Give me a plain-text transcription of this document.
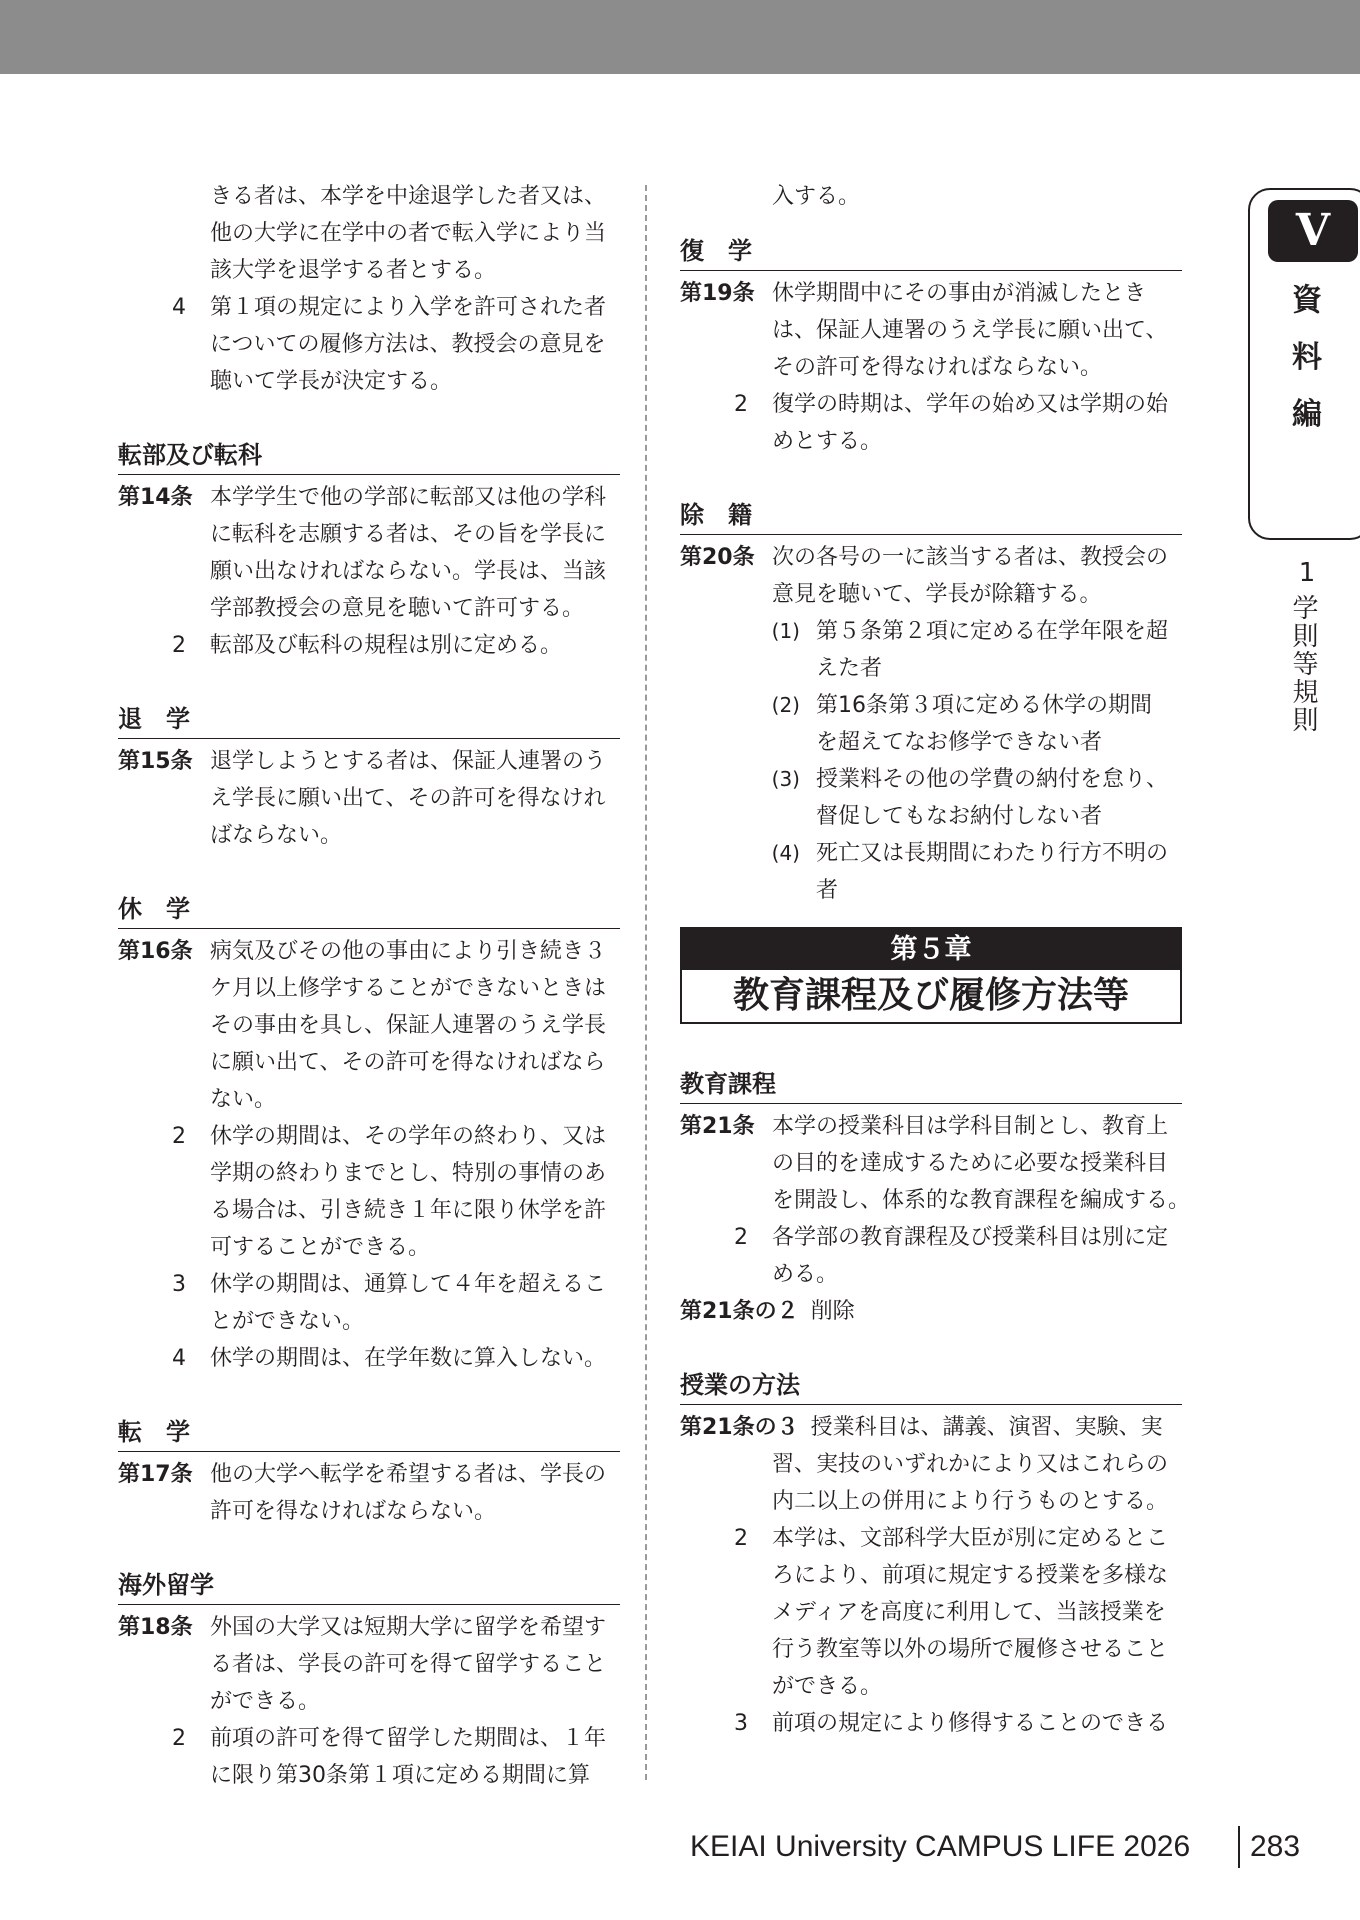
きる者は、本学を中途退学した者又は、
他の大学に在学中の者で転入学により当
該大学を退学する者とする。
4 第１項の規定により入学を許可された者
についての履修方法は、教授会の意見を
聴いて学長が決定する。
転部及び転科
第14条 本学学生で他の学部に転部又は他の学科
に転科を志願する者は、その旨を学長に
願い出なければならない。学長は、当該
学部教授会の意見を聴いて許可する。
2 転部及び転科の規程は別に定める。
退　学
第15条 退学しようとする者は、保証人連署のう
え学長に願い出て、その許可を得なけれ
ばならない。
休　学
第16条 病気及びその他の事由により引き続き３
ケ月以上修学することができないときは
その事由を具し、保証人連署のうえ学長
に願い出て、その許可を得なければなら
ない。
2 休学の期間は、その学年の終わり、又は
学期の終わりまでとし、特別の事情のあ
る場合は、引き続き１年に限り休学を許
可することができる。
3 休学の期間は、通算して４年を超えるこ
とができない。
4 休学の期間は、在学年数に算入しない。
転　学
第17条 他の大学へ転学を希望する者は、学長の
許可を得なければならない。
海外留学
第18条 外国の大学又は短期大学に留学を希望す
る者は、学長の許可を得て留学すること
ができる。
2 前項の許可を得て留学した期間は、１年
に限り第30条第１項に定める期間に算
入する。
復　学
第19条 休学期間中にその事由が消滅したとき
は、保証人連署のうえ学長に願い出て、
その許可を得なければならない。
2 復学の時期は、学年の始め又は学期の始
めとする。
除　籍
第20条 次の各号の一に該当する者は、教授会の
意見を聴いて、学長が除籍する。
(1) 第５条第２項に定める在学年限を超
えた者
(2) 第16条第３項に定める休学の期間
を超えてなお修学できない者
(3) 授業料その他の学費の納付を怠り、
督促してもなお納付しない者
(4) 死亡又は長期間にわたり行方不明の
者
第５章
教育課程及び履修方法等
教育課程
第21条 本学の授業科目は学科目制とし、教育上
の目的を達成するために必要な授業科目
を開設し、体系的な教育課程を編成する。
2 各学部の教育課程及び授業科目は別に定
める。
第21条の２ 削除
授業の方法
第21条の３ 授業科目は、講義、演習、実験、実
習、実技のいずれかにより又はこれらの
内二以上の併用により行うものとする。
2 本学は、文部科学大臣が別に定めるとこ
ろにより、前項に規定する授業を多様な
メディアを高度に利用して、当該授業を
行う教室等以外の場所で履修させること
ができる。
3 前項の規定により修得することのできる
V
資
料
編
1
学則等規則
KEIAI University CAMPUS LIFE 2026 283
